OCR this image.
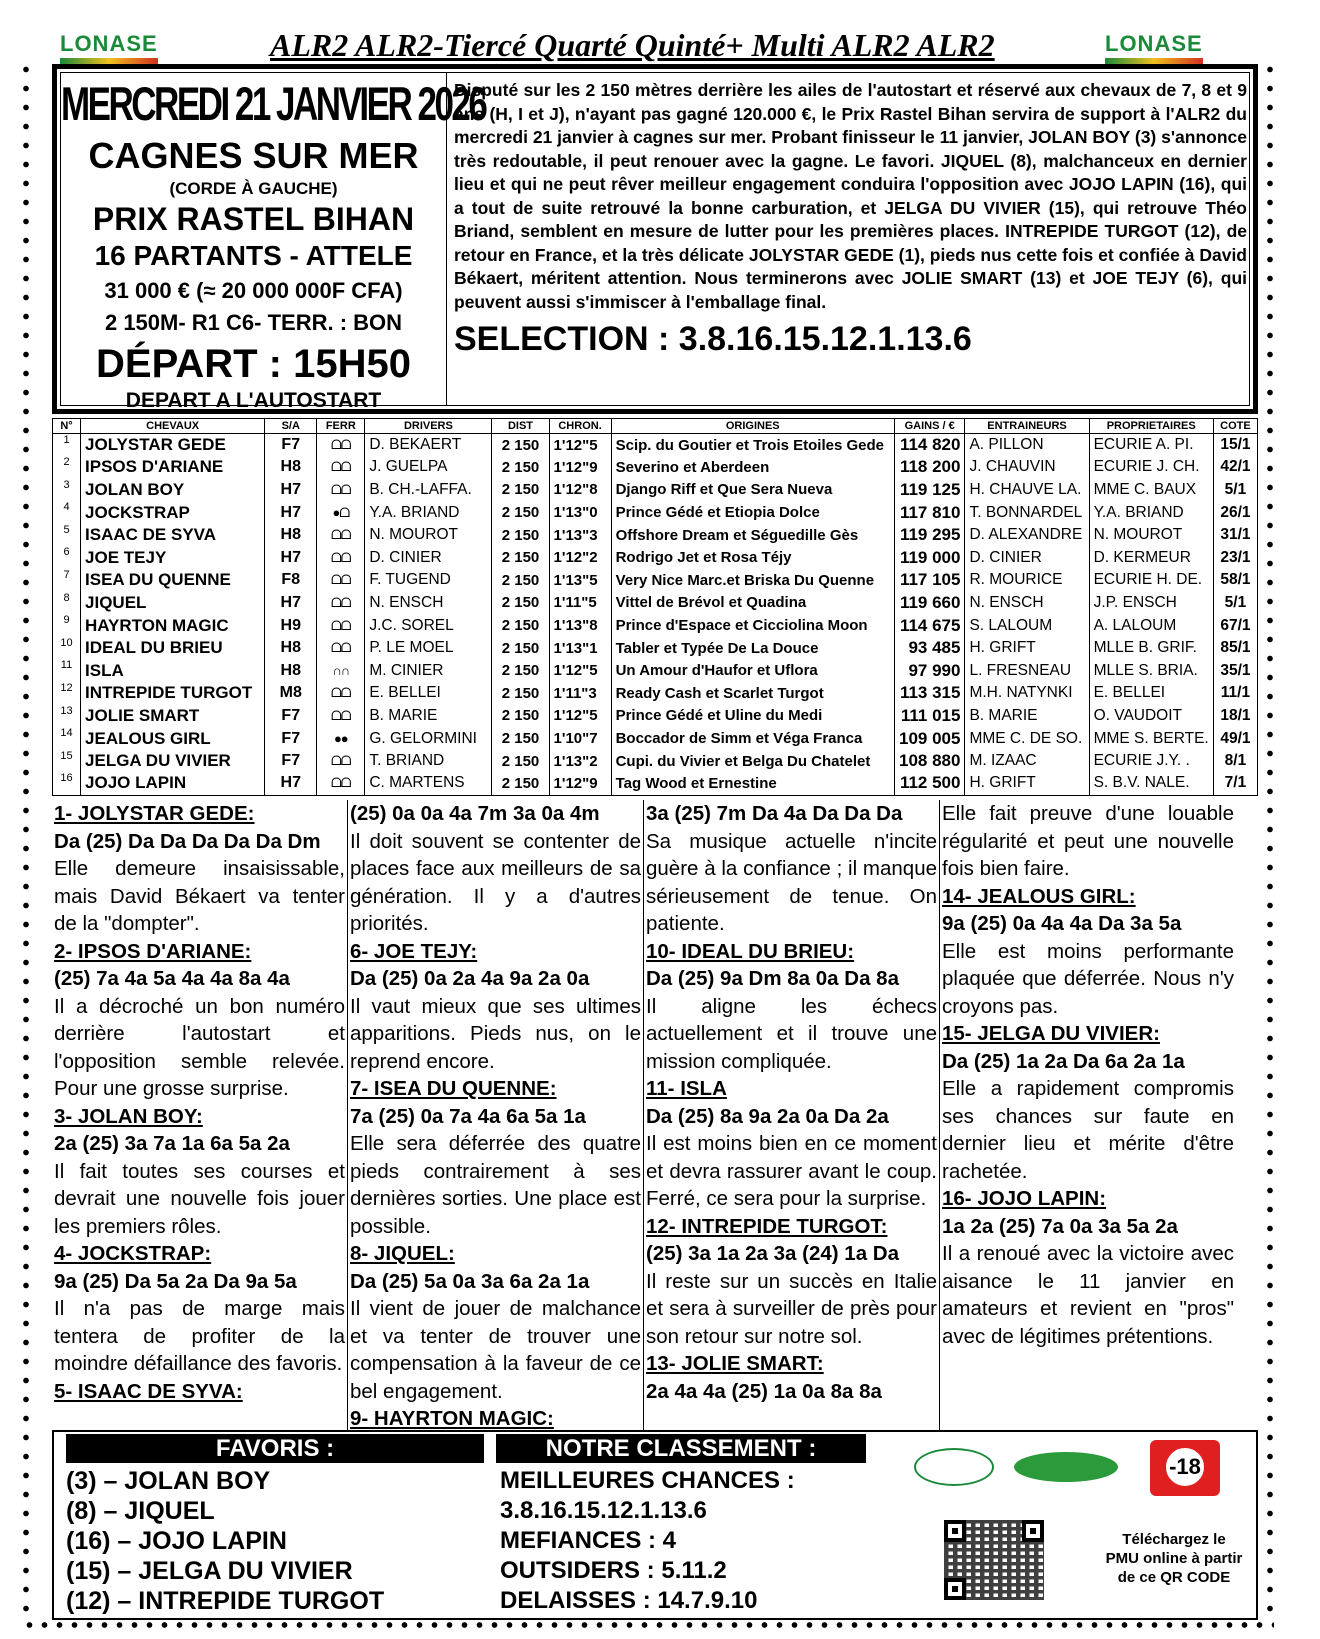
LONASE	ALR2 ALR2-Tiercé Quarté Quinté+ Multi ALR2 ALR2	LONASE
MERCREDI 21 JANVIER 2026
CAGNES SUR MER
(CORDE À GAUCHE)
PRIX RASTEL BIHAN
16 PARTANTS - ATTELE
31 000 € (≈ 20 000 000F CFA)
2 150M- R1 C6- TERR. : BON
DÉPART : 15H50
DEPART A L'AUTOSTART

Disputé sur les 2 150 mètres derrière les ailes de l'autostart et réservé aux chevaux de 7, 8 et 9 ans (H, I et J), n'ayant pas gagné 120.000 €, le Prix Rastel Bihan servira de support à l'ALR2 du mercredi 21 janvier à cagnes sur mer. Probant finisseur le 11 janvier, JOLAN BOY (3) s'annonce très redoutable, il peut renouer avec la gagne. Le favori. JIQUEL (8), malchanceux en dernier lieu et qui ne peut rêver meilleur engagement conduira l'opposition avec JOJO LAPIN (16), qui a tout de suite retrouvé la bonne carburation, et JELGA DU VIVIER (15), qui retrouve Théo Briand, semblent en mesure de lutter pour les premières places. INTREPIDE TURGOT (12), de retour en France, et la très délicate JOLYSTAR GEDE (1), pieds nus cette fois et confiée à David Békaert, méritent attention. Nous terminerons avec JOLIE SMART (13) et JOE TEJY (6), qui peuvent aussi s'immiscer à l'emballage final.

SELECTION : 3.8.16.15.12.1.13.6
N°	CHEVAUX	S/A	FERR	DRIVERS	DIST	CHRON.	ORIGINES	GAINS / €	ENTRAINEURS	PROPRIETAIRES	COTE
1	JOLYSTAR GEDE	F7	ᗝᗝ	D. BEKAERT	2 150	1'12"5	Scip. du Goutier et Trois Etoiles Gede	114 820	A. PILLON	ECURIE A. PI.	15/1
2	IPSOS D'ARIANE	H8	ᗝᗝ	J. GUELPA	2 150	1'12"9	Severino et Aberdeen	118 200	J. CHAUVIN	ECURIE J. CH.	42/1
3	JOLAN BOY	H7	ᗝᗝ	B. CH.-LAFFA.	2 150	1'12"8	Django Riff et Que Sera Nueva	119 125	H. CHAUVE LA.	MME C. BAUX	5/1
4	JOCKSTRAP	H7	●ᗝ	Y.A. BRIAND	2 150	1'13"0	Prince Gédé et Etiopia Dolce	117 810	T. BONNARDEL	Y.A. BRIAND	26/1
5	ISAAC DE SYVA	H8	ᗝᗝ	N. MOUROT	2 150	1'13"3	Offshore Dream et Séguedille Gès	119 295	D. ALEXANDRE	N. MOUROT	31/1
6	JOE TEJY	H7	ᗝᗝ	D. CINIER	2 150	1'12"2	Rodrigo Jet et Rosa Téjy	119 000	D. CINIER	D. KERMEUR	23/1
7	ISEA DU QUENNE	F8	ᗝᗝ	F. TUGEND	2 150	1'13"5	Very Nice Marc.et Briska Du Quenne	117 105	R. MOURICE	ECURIE H. DE.	58/1
8	JIQUEL	H7	ᗝᗝ	N. ENSCH	2 150	1'11"5	Vittel de Brévol et Quadina	119 660	N. ENSCH	J.P. ENSCH	5/1
9	HAYRTON MAGIC	H9	ᗝᗝ	J.C. SOREL	2 150	1'13"8	Prince d'Espace et Cicciolina Moon	114 675	S. LALOUM	A. LALOUM	67/1
10	IDEAL DU BRIEU	H8	ᗝᗝ	P. LE MOEL	2 150	1'13"1	Tabler et Typée De La Douce	93 485	H. GRIFT	MLLE B. GRIF.	85/1
11	ISLA	H8	∩∩	M. CINIER	2 150	1'12"5	Un Amour d'Haufor et Uflora	97 990	L. FRESNEAU	MLLE S. BRIA.	35/1
12	INTREPIDE TURGOT	M8	ᗝᗝ	E. BELLEI	2 150	1'11"3	Ready Cash et Scarlet Turgot	113 315	M.H. NATYNKI	E. BELLEI	11/1
13	JOLIE SMART	F7	ᗝᗝ	B. MARIE	2 150	1'12"5	Prince Gédé et Uline du Medi	111 015	B. MARIE	O. VAUDOIT	18/1
14	JEALOUS GIRL	F7	●●	G. GELORMINI	2 150	1'10"7	Boccador de Simm et Véga Franca	109 005	MME C. DE SO.	MME S. BERTE.	49/1
15	JELGA DU VIVIER	F7	ᗝᗝ	T. BRIAND	2 150	1'13"2	Cupi. du Vivier et Belga Du Chatelet	108 880	M. IZAAC	ECURIE J.Y. .	8/1
16	JOJO LAPIN	H7	ᗝᗝ	C. MARTENS	2 150	1'12"9	Tag Wood et Ernestine	112 500	H. GRIFT	S. B.V. NALE.	7/1
1- JOLYSTAR GEDE:
Da (25) Da Da Da Da Da Dm

Elle demeure insaisissable, mais David Békaert va tenter de la "dompter".

2- IPSOS D'ARIANE:
(25) 7a 4a 5a 4a 4a 8a 4a

Il a décroché un bon numéro derrière l'autostart et l'opposition semble relevée. Pour une grosse surprise.

3- JOLAN BOY:
2a (25) 3a 7a 1a 6a 5a 2a

Il fait toutes ses courses et devrait une nouvelle fois jouer les premiers rôles.

4- JOCKSTRAP:
9a (25) Da 5a 2a Da 9a 5a

Il n'a pas de marge mais tentera de profiter de la moindre défaillance des favoris.

5- ISAAC DE SYVA:
(25) 0a 0a 4a 7m 3a 0a 4m

Il doit souvent se contenter de places face aux meilleurs de sa génération. Il y a d'autres priorités.

6- JOE TEJY:
Da (25) 0a 2a 4a 9a 2a 0a

Il vaut mieux que ses ultimes apparitions. Pieds nus, on le reprend encore.

7- ISEA DU QUENNE:
7a (25) 0a 7a 4a 6a 5a 1a

Elle sera déferrée des quatre pieds contrairement à ses dernières sorties. Une place est possible.

8- JIQUEL:
Da (25) 5a 0a 3a 6a 2a 1a

Il vient de jouer de malchance et va tenter de trouver une compensation à la faveur de ce bel engagement.

9- HAYRTON MAGIC:
3a (25) 7m Da 4a Da Da Da

Sa musique actuelle n'incite guère à la confiance ; il manque sérieusement de tenue. On patiente.

10- IDEAL DU BRIEU:
Da (25) 9a Dm 8a 0a Da 8a

Il aligne les échecs actuellement et il trouve une mission compliquée.

11- ISLA
Da (25) 8a 9a 2a 0a Da 2a

Il est moins bien en ce moment et devra rassurer avant le coup. Ferré, ce sera pour la surprise.

12- INTREPIDE TURGOT:
(25) 3a 1a 2a 3a (24) 1a Da

Il reste sur un succès en Italie et sera à surveiller de près pour son retour sur notre sol.

13- JOLIE SMART:
2a 4a 4a (25) 1a 0a 8a 8a

Elle fait preuve d'une louable régularité et peut une nouvelle fois bien faire.

14- JEALOUS GIRL:
9a (25) 0a 4a 4a Da 3a 5a

Elle est moins performante plaquée que déferrée. Nous n'y croyons pas.

15- JELGA DU VIVIER:
Da (25) 1a 2a Da 6a 2a 1a

Elle a rapidement compromis ses chances sur faute en dernier lieu et mérite d'être rachetée.

16- JOJO LAPIN:
1a 2a (25) 7a 0a 3a 5a 2a

Il a renoué avec la victoire avec aisance le 11 janvier en amateurs et revient en "pros" avec de légitimes prétentions.

FAVORIS :	NOTRE CLASSEMENT :
(3) – JOLAN BOY
(8) – JIQUEL
(16) – JOJO LAPIN
(15) – JELGA DU VIVIER
(12) – INTREPIDE TURGOT
MEILLEURES CHANCES :
3.8.16.15.12.1.13.6
MEFIANCES : 4
OUTSIDERS : 5.11.2
DELAISSES : 14.7.9.10
-18
Téléchargez le PMU online à partir de ce QR CODE
